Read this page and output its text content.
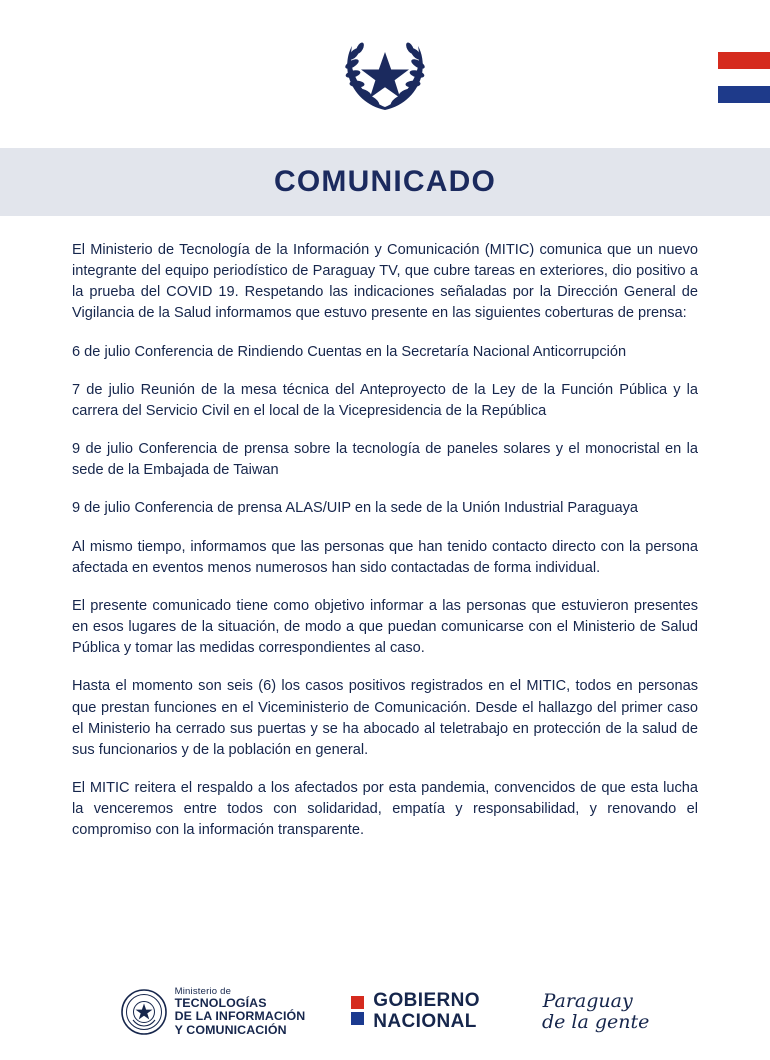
COMUNICADO

El Ministerio de Tecnología de la Información y Comunicación (MITIC) comunica que un nuevo integrante del equipo periodístico de Paraguay TV, que cubre tareas en exteriores, dio positivo a la prueba del COVID 19. Respetando las indicaciones señaladas por la Dirección General de Vigilancia de la Salud informamos que estuvo presente en las siguientes coberturas de prensa:

6 de julio Conferencia de Rindiendo Cuentas en la Secretaría Nacional Anticorrupción

7 de julio Reunión de la mesa técnica del Anteproyecto de la Ley de la Función Pública y la carrera del Servicio Civil en el local de la Vicepresidencia de la República

9 de julio Conferencia de prensa sobre la tecnología de paneles solares y el monocristal en la sede de la Embajada de Taiwan

9 de julio Conferencia de prensa ALAS/UIP en la sede de la Unión Industrial Paraguaya

Al mismo tiempo, informamos que las personas que han tenido contacto directo con la persona afectada en eventos menos numerosos han sido contactadas de forma individual.

El presente comunicado tiene como objetivo informar a las personas que estuvieron presentes en esos lugares de la situación, de modo a que puedan comunicarse con el Ministerio de Salud Pública y tomar las medidas correspondientes al caso.

Hasta el momento son seis (6) los casos positivos registrados en el MITIC, todos en personas que prestan funciones en el Viceministerio de Comunicación. Desde el hallazgo del primer caso el Ministerio ha cerrado sus puertas y se ha abocado al teletrabajo en protección de la salud de sus funcionarios y de la población en general.

El MITIC reitera el respaldo a los afectados por esta pandemia, convencidos de que esta lucha la venceremos entre todos con solidaridad, empatía y responsabilidad, y renovando el compromiso con la información transparente.

Ministerio de
TECNOLOGÍAS
DE LA INFORMACIÓN
Y COMUNICACIÓN
GOBIERNO
NACIONAL
Paraguay
de la gente
